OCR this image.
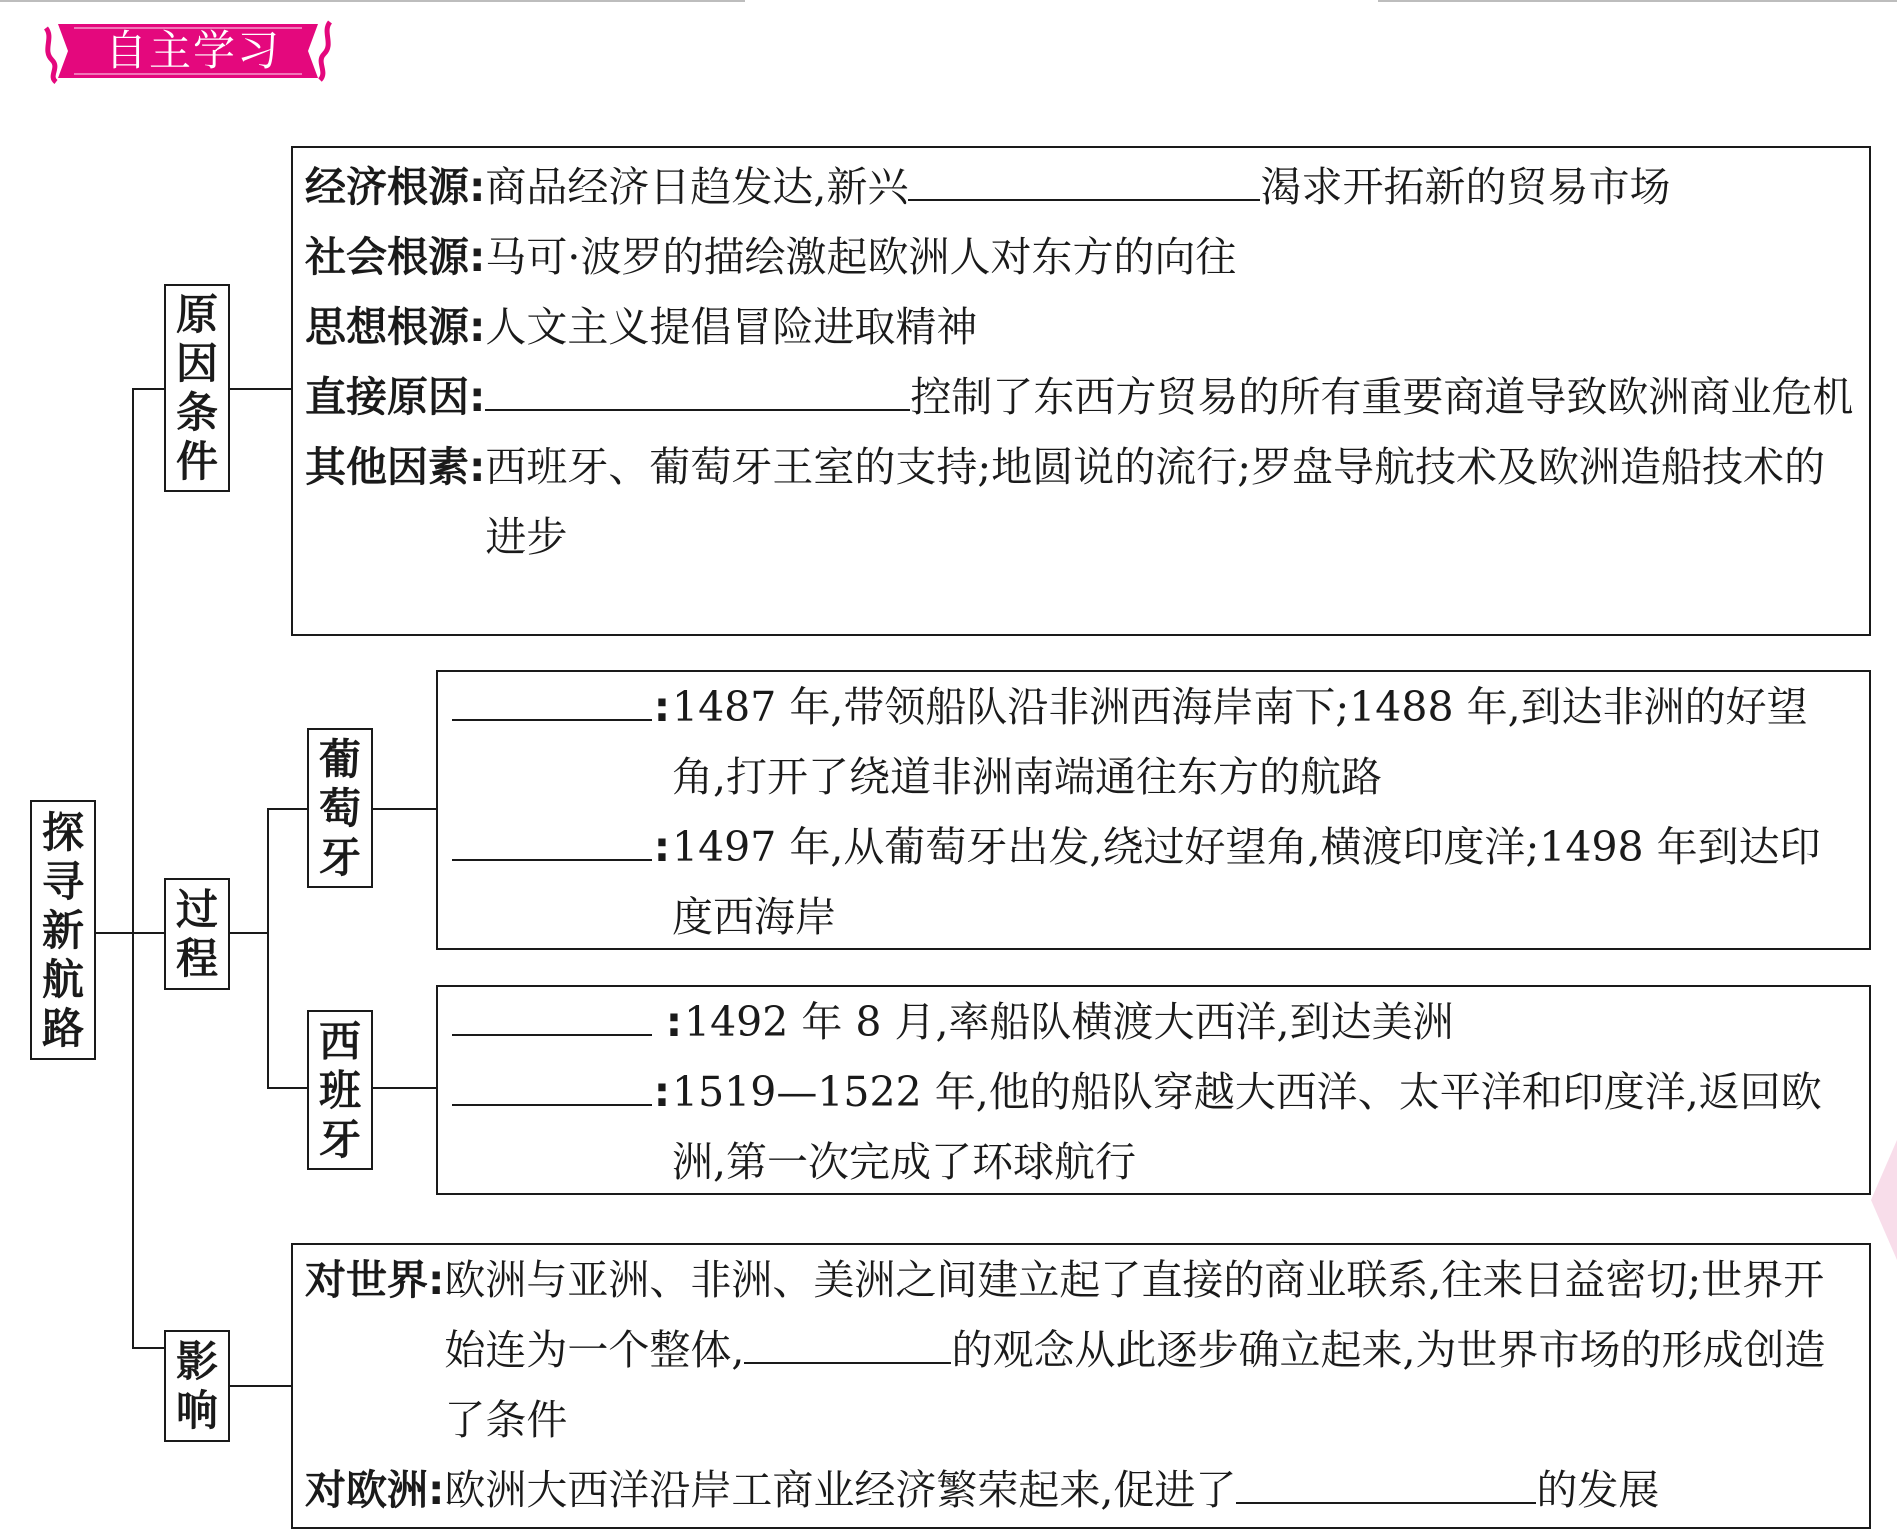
自主学习
探
寻
新
航
路
原
因
条
件
过
程
影
响
葡
萄
牙
西
班
牙
经济根源: 商品经济日趋发达,新兴	渴求开拓新的贸易市场
社会根源: 马可·波罗的描绘激起欧洲人对东方的向往
思想根源: 人文主义提倡冒险进取精神
直接原因:	控制了东西方贸易的所有重要商道导致欧洲商业危机
其他因素: 西班牙、葡萄牙王室的支持;地圆说的流行;罗盘导航技术及欧洲造船技术的进步
: 1487 年,带领船队沿非洲西海岸南下;1488 年,到达非洲的好望角,打开了绕道非洲南端通往东方的航路
: 1497 年,从葡萄牙出发,绕过好望角,横渡印度洋;1498 年到达印度西海岸
: 1492 年 8 月,率船队横渡大西洋,到达美洲
: 1519—1522 年,他的船队穿越大西洋、太平洋和印度洋,返回欧洲,第一次完成了环球航行
对世界: 欧洲与亚洲、非洲、美洲之间建立起了直接的商业联系,往来日益密切;世界开始连为一个整体,	的观念从此逐步确立起来,为世界市场的形成创造了条件
对欧洲: 欧洲大西洋沿岸工商业经济繁荣起来,促进了	的发展
